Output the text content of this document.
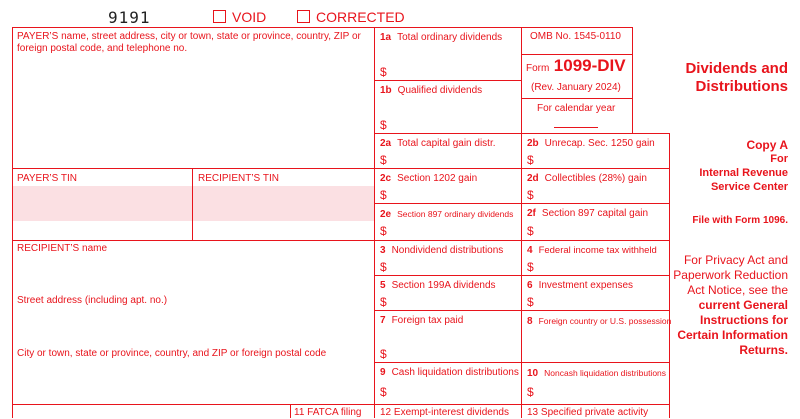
9191	VOID	CORRECTED
PAYER’S name, street address, city or town, state or province, country, ZIP or foreign postal code, and telephone no.
PAYER’S TIN	RECIPIENT’S TIN
RECIPIENT’S name
Street address (including apt. no.)
City or town, state or province, country, and ZIP or foreign postal code
11 FATCA filing
1a Total ordinary dividends
$
1b Qualified dividends
$
2a Total capital gain distr.
$
2b Unrecap. Sec. 1250 gain
$
2c Section 1202 gain
$
2d Collectibles (28%) gain
$
2e Section 897 ordinary dividends
$
2f Section 897 capital gain
$
3 Nondividend distributions
$
4 Federal income tax withheld
$
5 Section 199A dividends
$
6 Investment expenses
$
7 Foreign tax paid
$
8 Foreign country or U.S. possession
9 Cash liquidation distributions
$
10 Noncash liquidation distributions
$
12 Exempt-interest dividends 13 Specified private activity
OMB No. 1545-0110
Form 1099-DIV
(Rev. January 2024)
For calendar year
Dividends and
Distributions
Copy A
For
Internal Revenue
Service Center
File with Form 1096.
For Privacy Act and Paperwork Reduction Act Notice, see the current General Instructions for Certain Information Returns.
